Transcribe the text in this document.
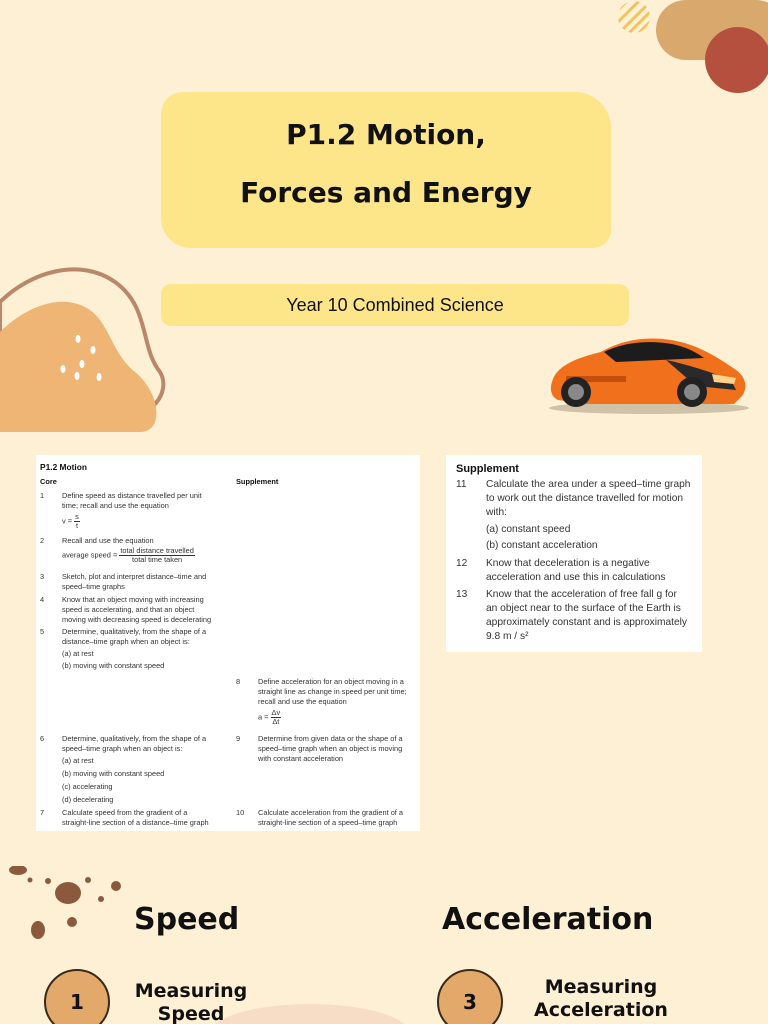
P1.2 Motion,
Forces and Energy
Year 10 Combined Science
P1.2 Motion
Core	Supplement
1 Define speed as distance travelled per unit
time; recall and use the equation
$v = \frac{s}{t}$
2 Recall and use the equation
average speed = $\frac{\text{total distance travelled}}{\text{total time taken}}$
3 Sketch, plot and interpret distance–time and
speed–time graphs
4 Know that an object moving with increasing
speed is accelerating, and that an object
moving with decreasing speed is decelerating
5 Determine, qualitatively, from the shape of a
distance–time graph when an object is:
(a) at rest
(b) moving with constant speed
8 Define acceleration for an object moving in a
straight line as change in speed per unit time;
recall and use the equation
$a = \frac{\Delta v}{\Delta t}$
6 Determine, qualitatively, from the shape of a
speed–time graph when an object is:
(a) at rest
(b) moving with constant speed
(c) accelerating
(d) decelerating
9 Determine from given data or the shape of a
speed–time graph when an object is moving
with constant acceleration
7 Calculate speed from the gradient of a
straight-line section of a distance–time graph
10 Calculate acceleration from the gradient of a
straight-line section of a speed–time graph
Supplement
11 Calculate the area under a speed–time graph
to work out the distance travelled for motion
with:
(a) constant speed
(b) constant acceleration
12 Know that deceleration is a negative
acceleration and use this in calculations
13 Know that the acceleration of free fall g for
an object near to the surface of the Earth is
approximately constant and is approximately
9.8 m / s²
Speed	Acceleration
1	Measuring
Speed	3
Measuring
Acceleration
